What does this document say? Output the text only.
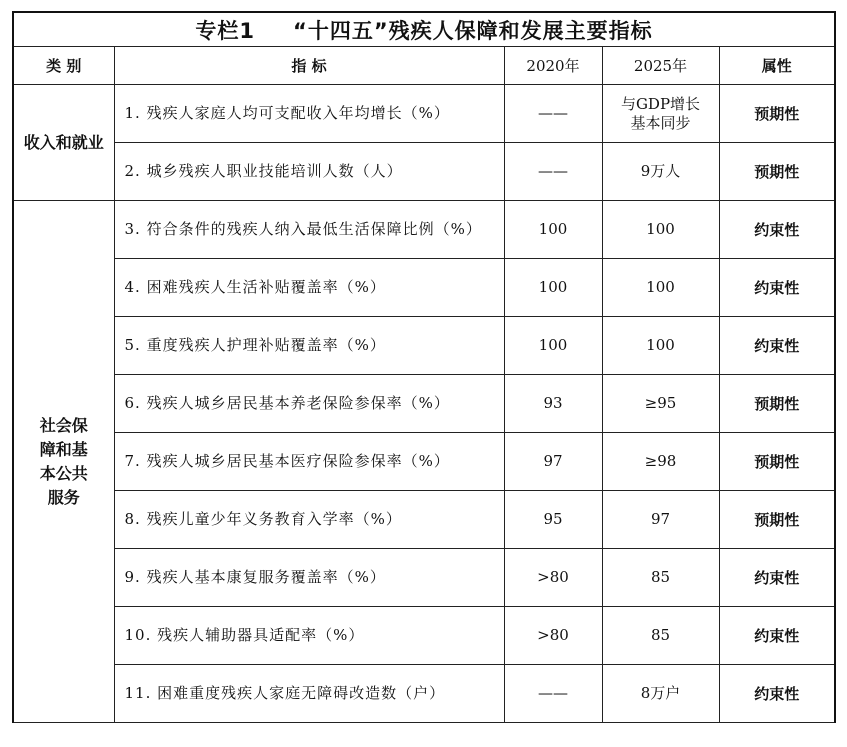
专栏1 “十四五”残疾人保障和发展主要指标				
类 别	指 标	2020年	2025年	属性
收入和就业	1. 残疾人家庭人均可支配收入年均增长（%）	——	与GDP增长基本同步	预期性
	2. 城乡残疾人职业技能培训人数（人）	——	9万人	预期性
社会保障和基本公共服务	3. 符合条件的残疾人纳入最低生活保障比例（%）	100	100	约束性
	4. 困难残疾人生活补贴覆盖率（%）	100	100	约束性
	5. 重度残疾人护理补贴覆盖率（%）	100	100	约束性
	6. 残疾人城乡居民基本养老保险参保率（%）	93	≥95	预期性
	7. 残疾人城乡居民基本医疗保险参保率（%）	97	≥98	预期性
	8. 残疾儿童少年义务教育入学率（%）	95	97	预期性
	9. 残疾人基本康复服务覆盖率（%）	>80	85	约束性
	10. 残疾人辅助器具适配率（%）	>80	85	约束性
	11. 困难重度残疾人家庭无障碍改造数（户）	——	8万户	约束性
